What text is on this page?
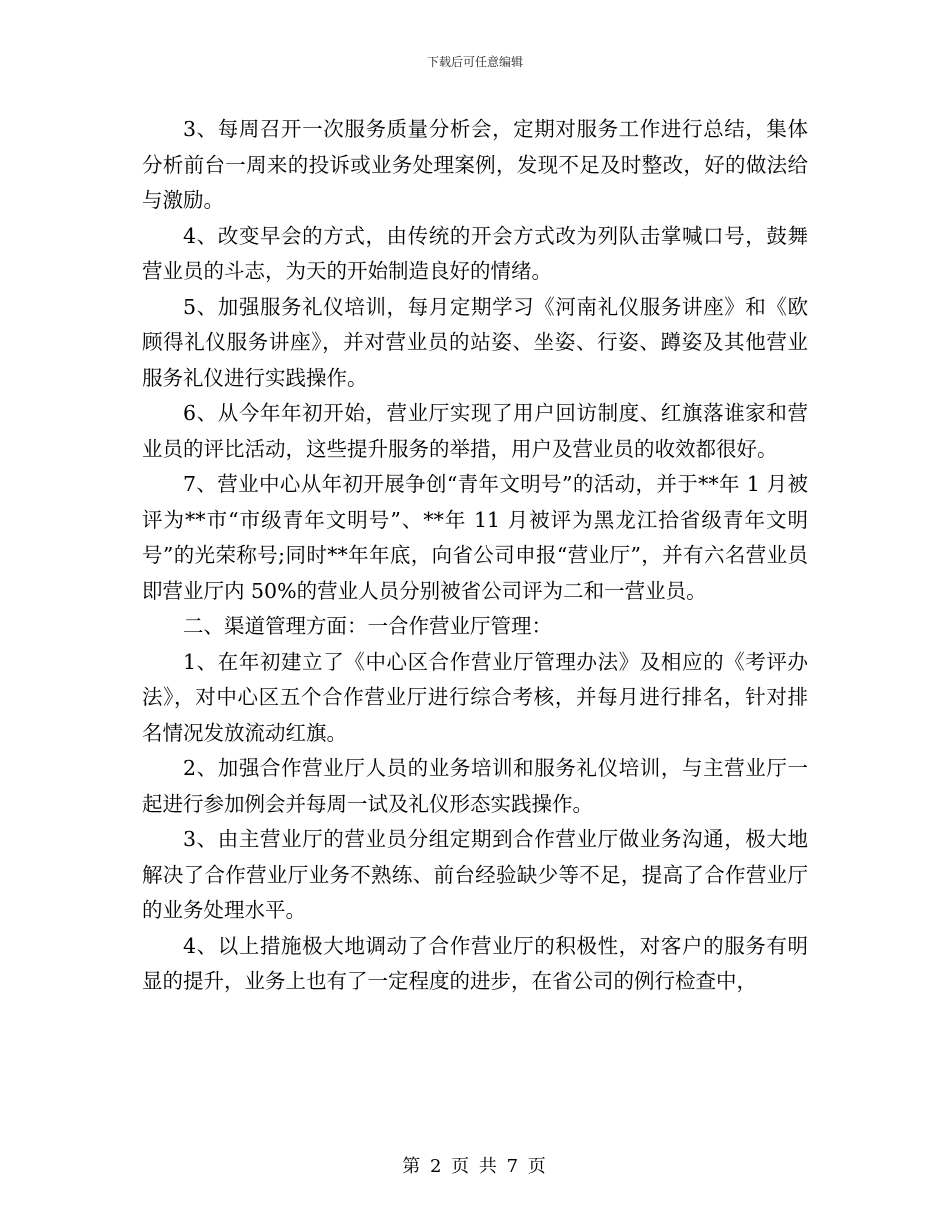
下载后可任意编辑

3、每周召开一次服务质量分析会，定期对服务工作进行总结，集体分析前台一周来的投诉或业务处理案例，发现不足及时整改，好的做法给与激励。

4、改变早会的方式，由传统的开会方式改为列队击掌喊口号，鼓舞营业员的斗志，为天的开始制造良好的情绪。

5、加强服务礼仪培训，每月定期学习《河南礼仪服务讲座》和《欧顾得礼仪服务讲座》，并对营业员的站姿、坐姿、行姿、蹲姿及其他营业服务礼仪进行实践操作。

6、从今年年初开始，营业厅实现了用户回访制度、红旗落谁家和营业员的评比活动，这些提升服务的举措，用户及营业员的收效都很好。

7、营业中心从年初开展争创“青年文明号”的活动，并于**年 1 月被评为**市“市级青年文明号”、**年 11 月被评为黑龙江拾省级青年文明号”的光荣称号;同时**年年底，向省公司申报“营业厅”，并有六名营业员即营业厅内 50%的营业人员分别被省公司评为二和一营业员。

二、渠道管理方面：一合作营业厅管理：

1、在年初建立了《中心区合作营业厅管理办法》及相应的《考评办法》，对中心区五个合作营业厅进行综合考核，并每月进行排名，针对排名情况发放流动红旗。

2、加强合作营业厅人员的业务培训和服务礼仪培训，与主营业厅一起进行参加例会并每周一试及礼仪形态实践操作。

3、由主营业厅的营业员分组定期到合作营业厅做业务沟通，极大地解决了合作营业厅业务不熟练、前台经验缺少等不足，提高了合作营业厅的业务处理水平。

4、以上措施极大地调动了合作营业厅的积极性，对客户的服务有明显的提升，业务上也有了一定程度的进步，在省公司的例行检查中，

第 2 页 共 7 页
